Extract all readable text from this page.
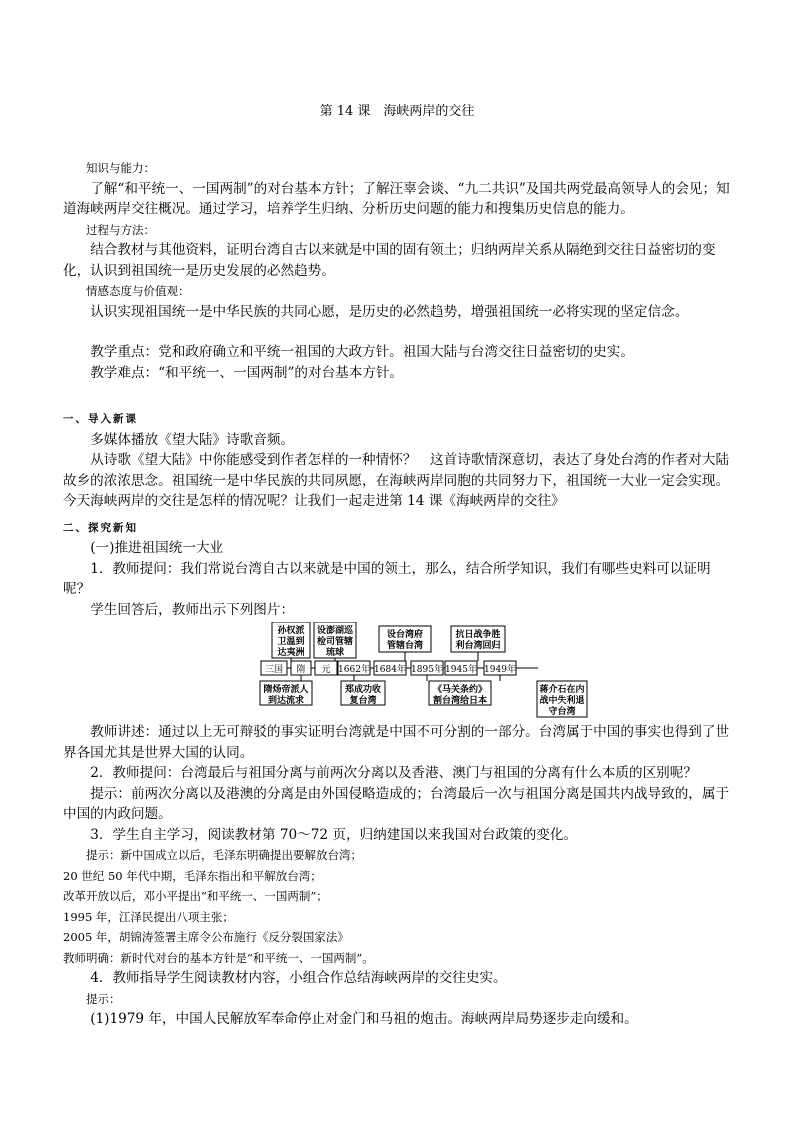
第 14 课　海峡两岸的交往

知识与能力：

了解“和平统一、一国两制”的对台基本方针；了解汪辜会谈、“九二共识”及国共两党最高领导人的会见；知道海峡两岸交往概况。通过学习，培养学生归纳、分析历史问题的能力和搜集历史信息的能力。

过程与方法：

结合教材与其他资料，证明台湾自古以来就是中国的固有领土；归纳两岸关系从隔绝到交往日益密切的变化，认识到祖国统一是历史发展的必然趋势。

情感态度与价值观：

认识实现祖国统一是中华民族的共同心愿，是历史的必然趋势，增强祖国统一必将实现的坚定信念。

教学重点：党和政府确立和平统一祖国的大政方针。祖国大陆与台湾交往日益密切的史实。

教学难点：“和平统一、一国两制”的对台基本方针。

一、导入新课

多媒体播放《望大陆》诗歌音频。

从诗歌《望大陆》中你能感受到作者怎样的一种情怀？　这首诗歌情深意切，表达了身处台湾的作者对大陆故乡的浓浓思念。祖国统一是中华民族的共同夙愿，在海峡两岸同胞的共同努力下，祖国统一大业一定会实现。今天海峡两岸的交往是怎样的情况呢？让我们一起走进第 14 课《海峡两岸的交往》

二、探究新知

(一)推进祖国统一大业

1．教师提问：我们常说台湾自古以来就是中国的领土，那么，结合所学知识，我们有哪些史料可以证明呢？

学生回答后，教师出示下列图片：

三国 隋 元 1662年 1684年 1895年 1945年 1949年
孙权派
卫温到
达夷洲
设澎湖巡
检司管辖
琉球
设台湾府
管辖台湾
抗日战争胜
利台湾回归
隋炀帝派人
到达流求
郑成功收
复台湾
《马关条约》
割台湾给日本
蒋介石在内
战中失利退
守台湾

教师讲述：通过以上无可辩驳的事实证明台湾就是中国不可分割的一部分。台湾属于中国的事实也得到了世界各国尤其是世界大国的认同。

2．教师提问：台湾最后与祖国分离与前两次分离以及香港、澳门与祖国的分离有什么本质的区别呢？

提示：前两次分离以及港澳的分离是由外国侵略造成的；台湾最后一次与祖国分离是国共内战导致的，属于中国的内政问题。

3．学生自主学习，阅读教材第 70～72 页，归纳建国以来我国对台政策的变化。

提示：新中国成立以后，毛泽东明确提出要解放台湾；

20 世纪 50 年代中期，毛泽东指出和平解放台湾；

改革开放以后，邓小平提出“和平统一、一国两制”；

1995 年，江泽民提出八项主张；

2005 年，胡锦涛签署主席令公布施行《反分裂国家法》

教师明确：新时代对台的基本方针是“和平统一、一国两制”。

4．教师指导学生阅读教材内容，小组合作总结海峡两岸的交往史实。

提示：

(1)1979 年，中国人民解放军奉命停止对金门和马祖的炮击。海峡两岸局势逐步走向缓和。
